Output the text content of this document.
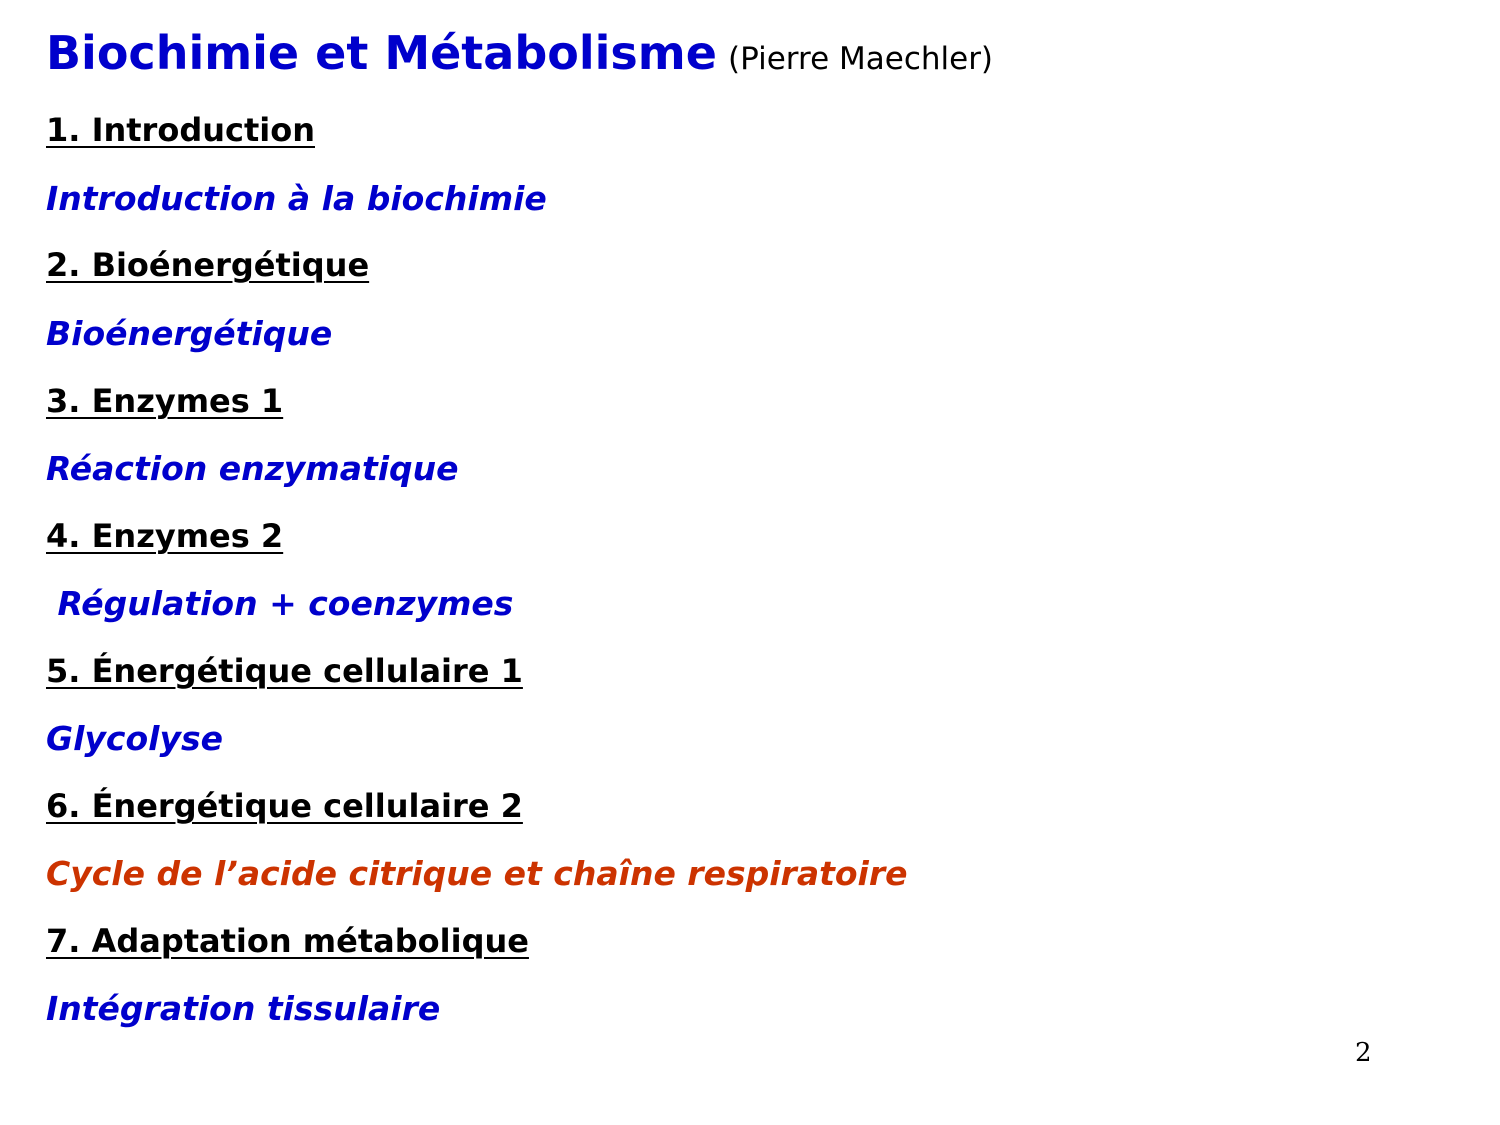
Biochimie et Métabolisme (Pierre Maechler)
1. Introduction
Introduction à la biochimie
2. Bioénergétique
Bioénergétique
3. Enzymes 1
Réaction enzymatique
4. Enzymes 2
Régulation + coenzymes
5. Énergétique cellulaire 1
Glycolyse
6. Énergétique cellulaire 2
Cycle de l’acide citrique et chaîne respiratoire
7. Adaptation métabolique
Intégration tissulaire
2
